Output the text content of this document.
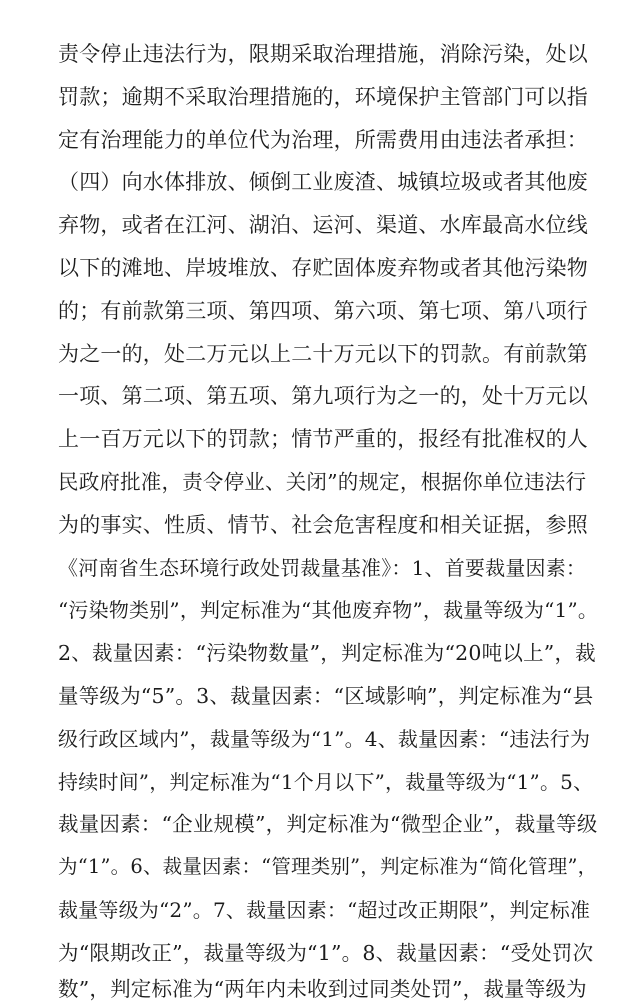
责令停止违法行为，限期采取治理措施，消除污染，处以
罚款；逾期不采取治理措施的，环境保护主管部门可以指
定有治理能力的单位代为治理，所需费用由违法者承担：
（四）向水体排放、倾倒工业废渣、城镇垃圾或者其他废
弃物，或者在江河、湖泊、运河、渠道、水库最高水位线
以下的滩地、岸坡堆放、存贮固体废弃物或者其他污染物
的；有前款第三项、第四项、第六项、第七项、第八项行
为之一的，处二万元以上二十万元以下的罚款。有前款第
一项、第二项、第五项、第九项行为之一的，处十万元以
上一百万元以下的罚款；情节严重的，报经有批准权的人
民政府批准，责令停业、关闭”的规定，根据你单位违法行
为的事实、性质、情节、社会危害程度和相关证据，参照
《河南省生态环境行政处罚裁量基准》：1、首要裁量因素：
“污染物类别”，判定标准为“其他废弃物”，裁量等级为“1”。
2、裁量因素：“污染物数量”，判定标准为“20吨以上”，裁
量等级为“5”。3、裁量因素：“区域影响”，判定标准为“县
级行政区域内”，裁量等级为“1”。4、裁量因素：“违法行为
持续时间”，判定标准为“1个月以下”，裁量等级为“1”。5、
裁量因素：“企业规模”，判定标准为“微型企业”，裁量等级
为“1”。6、裁量因素：“管理类别”，判定标准为“简化管理”，
裁量等级为“2”。7、裁量因素：“超过改正期限”，判定标准
为“限期改正”，裁量等级为“1”。8、裁量因素：“受处罚次
数”，判定标准为“两年内未收到过同类处罚”，裁量等级为
